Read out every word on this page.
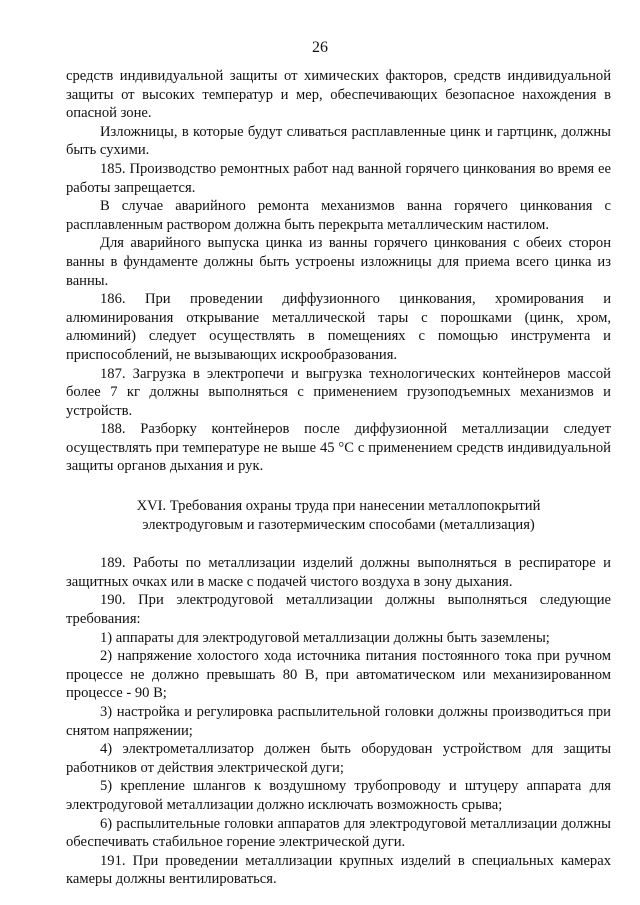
26

средств индивидуальной защиты от химических факторов, средств индивидуальной защиты от высоких температур и мер, обеспечивающих безопасное нахождения в опасной зоне.

Изложницы, в которые будут сливаться расплавленные цинк и гартцинк, должны быть сухими.

185. Производство ремонтных работ над ванной горячего цинкования во время ее работы запрещается.

В случае аварийного ремонта механизмов ванна горячего цинкования с расплавленным раствором должна быть перекрыта металлическим настилом.

Для аварийного выпуска цинка из ванны горячего цинкования с обеих сторон ванны в фундаменте должны быть устроены изложницы для приема всего цинка из ванны.

186. При проведении диффузионного цинкования, хромирования и алюминирования открывание металлической тары с порошками (цинк, хром, алюминий) следует осуществлять в помещениях с помощью инструмента и приспособлений, не вызывающих искрообразования.

187. Загрузка в электропечи и выгрузка технологических контейнеров массой более 7 кг должны выполняться с применением грузоподъемных механизмов и устройств.

188. Разборку контейнеров после диффузионной металлизации следует осуществлять при температуре не выше 45 °С с применением средств индивидуальной защиты органов дыхания и рук.

XVI. Требования охраны труда при нанесении металлопокрытий
электродуговым и газотермическим способами (металлизация)

189. Работы по металлизации изделий должны выполняться в респираторе и защитных очках или в маске с подачей чистого воздуха в зону дыхания.

190. При электродуговой металлизации должны выполняться следующие требования:

1) аппараты для электродуговой металлизации должны быть заземлены;

2) напряжение холостого хода источника питания постоянного тока при ручном процессе не должно превышать 80 В, при автоматическом или механизированном процессе - 90 В;

3) настройка и регулировка распылительной головки должны производиться при снятом напряжении;

4) электрометаллизатор должен быть оборудован устройством для защиты работников от действия электрической дуги;

5) крепление шлангов к воздушному трубопроводу и штуцеру аппарата для электродуговой металлизации должно исключать возможность срыва;

6) распылительные головки аппаратов для электродуговой металлизации должны обеспечивать стабильное горение электрической дуги.

191. При проведении металлизации крупных изделий в специальных камерах камеры должны вентилироваться.
